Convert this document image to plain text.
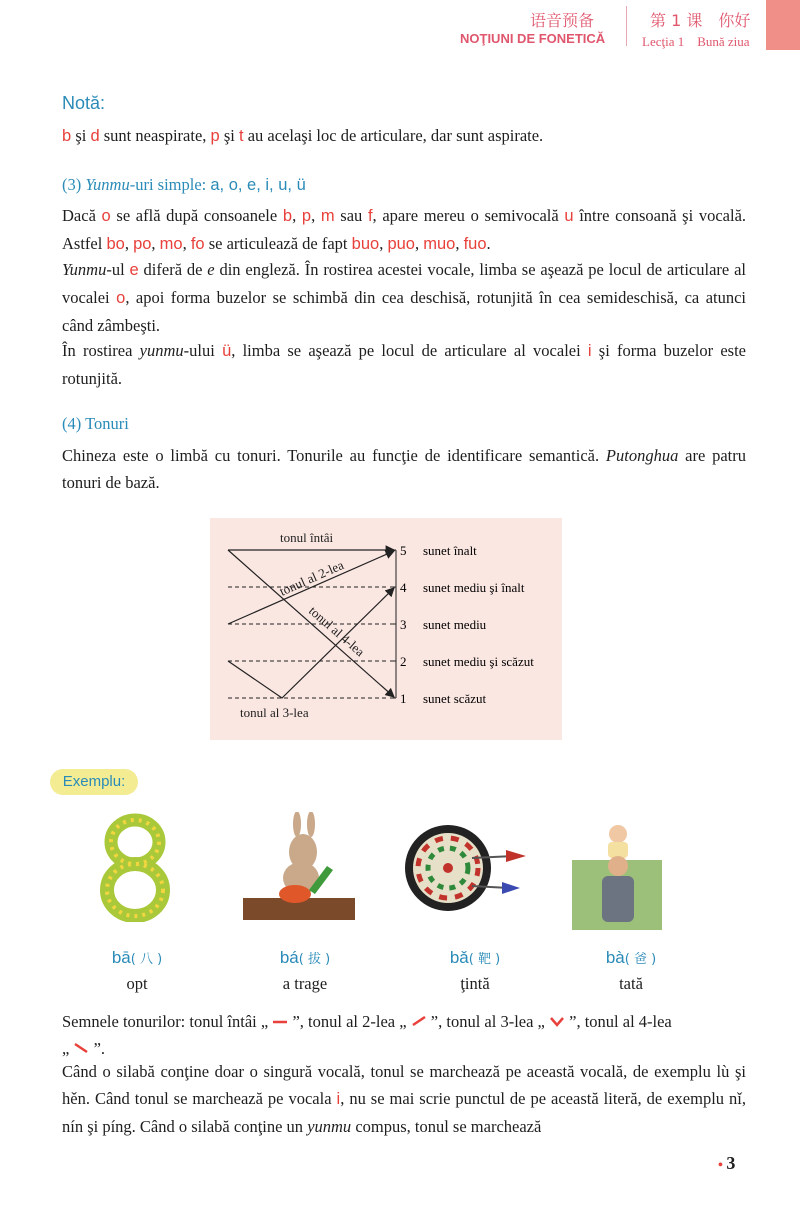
语音预备
NOŢIUNI DE FONETICĂ
第 1 课　你好
Lecţia 1　Bună ziua
Notă:
b şi d sunt neaspirate, p şi t au acelaşi loc de articulare, dar sunt aspirate.
(3) Yunmu-uri simple: a, o, e, i, u, ü
Dacă o se află după consoanele b, p, m sau f, apare mereu o semivocală u între consoană şi vocală. Astfel bo, po, mo, fo se articulează de fapt buo, puo, muo, fuo.
Yunmu-ul e diferă de e din engleză. În rostirea acestei vocale, limba se aşează pe locul de articulare al vocalei o, apoi forma buzelor se schimbă din cea deschisă, rotunjită în cea semideschisă, ca atunci când zâmbeşti.
În rostirea yunmu-ului ü, limba se aşează pe locul de articulare al vocalei i şi forma buzelor este rotunjită.
(4) Tonuri
Chineza este o limbă cu tonuri. Tonurile au funcţie de identificare semantică. Putonghua are patru tonuri de bază.
tonul întâi
tonul al 2-lea
tonul al 3-lea
tonul al 4-lea
5 sunet înalt
4 sunet mediu şi înalt
3 sunet mediu
2 sunet mediu şi scăzut
1 sunet scăzut
Exemplu:
bā( 八 )
opt
bá( 拔 )
a trage
bǎ( 靶 )
ţintă
bà( 爸 )
tată
Semnele tonurilor: tonul întâi „  ”, tonul al 2-lea „  ”, tonul al 3-lea „  ”, tonul al 4-lea
„  ”.
Când o silabă conţine doar o singură vocală, tonul se marchează pe această vocală, de exemplu lù şi hěn. Când tonul se marchează pe vocala i, nu se mai scrie punctul de pe această literă, de exemplu nǐ, nín şi píng. Când o silabă conţine un yunmu compus, tonul se marchează
• 3
